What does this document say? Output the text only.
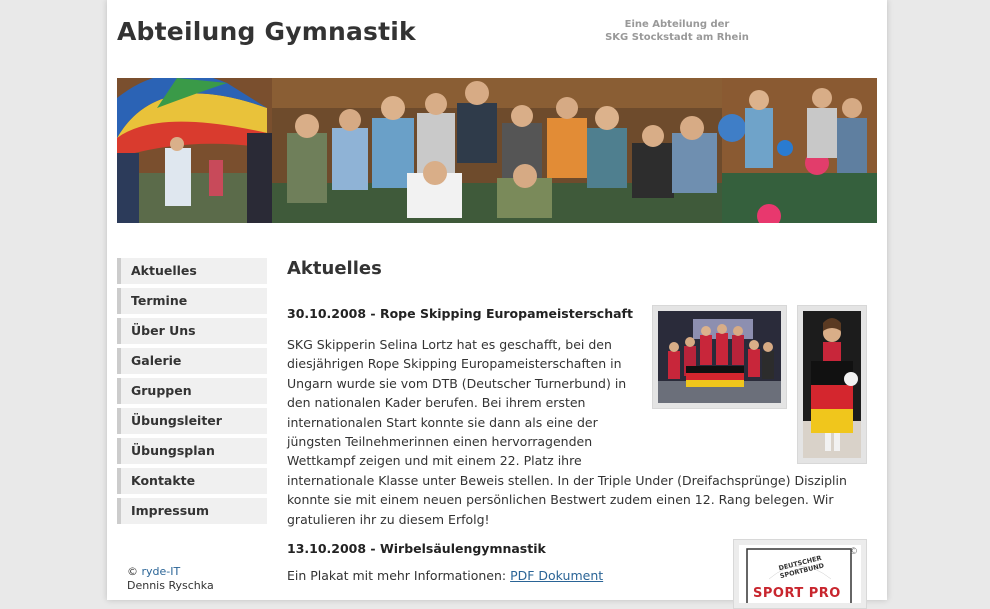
Abteilung Gymnastik	Eine Abteilung der
SKG Stockstadt am Rhein
Aktuelles
Termine
Über Uns
Galerie
Gruppen
Übungsleiter
Übungsplan
Kontakte
Impressum
© ryde-IT
Dennis Ryschka
Aktuelles
30.10.2008 - Rope Skipping Europameisterschaft

SKG Skipperin Selina Lortz hat es geschafft, bei den diesjährigen Rope Skipping Europameisterschaften in Ungarn wurde sie vom DTB (Deutscher Turnerbund) in den nationalen Kader berufen. Bei ihrem ersten internationalen Start konnte sie dann als eine der jüngsten Teilnehmerinnen einen hervorragenden Wettkampf zeigen und mit einem 22. Platz ihre internationale Klasse unter Beweis stellen. In der Triple Under (Dreifachsprünge) Disziplin konnte sie mit einem neuen persönlichen Bestwert zudem einen 12. Rang belegen. Wir gratulieren ihr zu diesem Erfolg!

13.10.2008 - Wirbelsäulengymnastik

Ein Plakat mit mehr Informationen: PDF Dokument

©
DEUTSCHER SPORTBUND
SPORT PRO
